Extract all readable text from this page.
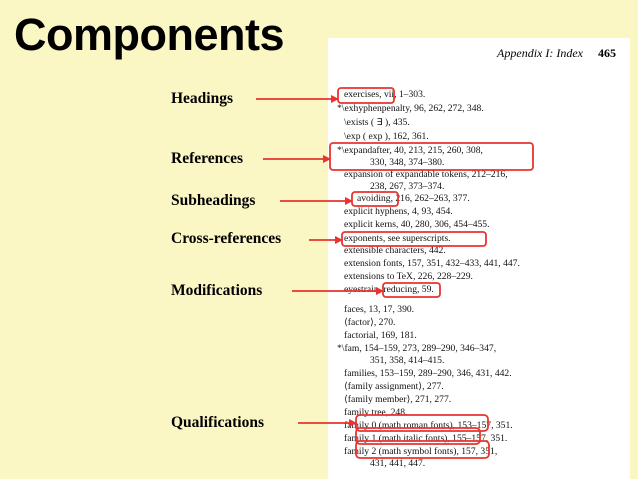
Components	Appendix I: Index 465
exercises, vii, 1–303.
*\exhyphenpenalty, 96, 262, 272, 348.
\exists ( ∃ ), 435.
\exp ( exp ), 162, 361.
*\expandafter, 40, 213, 215, 260, 308,
330, 348, 374–380.
expansion of expandable tokens, 212–216,
238, 267, 373–374.
avoiding, 216, 262–263, 377.
explicit hyphens, 4, 93, 454.
explicit kerns, 40, 280, 306, 454–455.
exponents, see superscripts.
extensible characters, 442.
extension fonts, 157, 351, 432–433, 441, 447.
extensions to TeX, 226, 228–229.
eyestrain, reducing, 59.
faces, 13, 17, 390.
⟨factor⟩, 270.
factorial, 169, 181.
*\fam, 154–159, 273, 289–290, 346–347,
351, 358, 414–415.
families, 153–159, 289–290, 346, 431, 442.
⟨family assignment⟩, 277.
⟨family member⟩, 271, 277.
family tree, 248.
family 0 (math roman fonts), 153–157, 351.
family 1 (math italic fonts), 155–157, 351.
family 2 (math symbol fonts), 157, 351,
431, 441, 447.
Headings
References
Subheadings
Cross-references
Modifications
Qualifications
